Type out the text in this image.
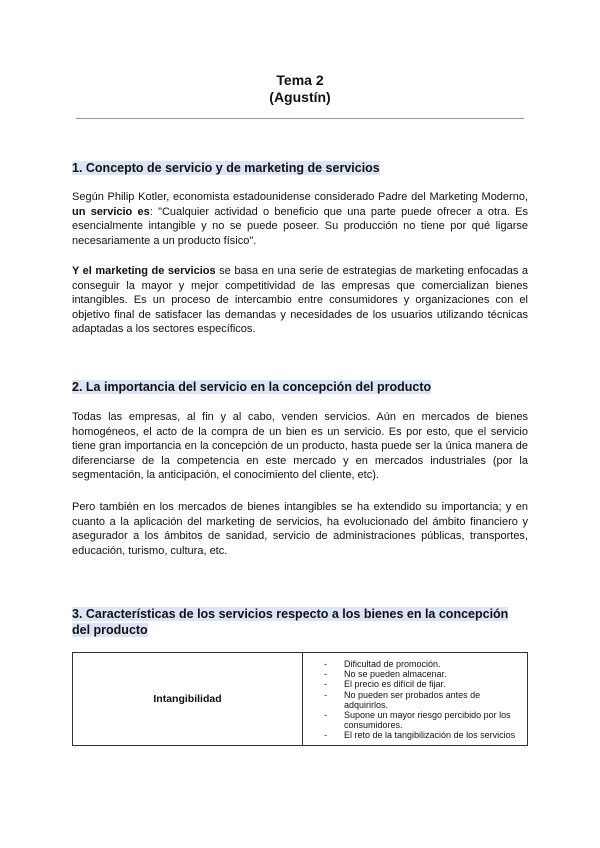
Tema 2
(Agustín)
1. Concepto de servicio y de marketing de servicios

Según Philip Kotler, economista estadounidense considerado Padre del Marketing Moderno, un servicio es: "Cualquier actividad o beneficio que una parte puede ofrecer a otra. Es esencialmente intangible y no se puede poseer. Su producción no tiene por qué ligarse necesariamente a un producto físico".

Y el marketing de servicios se basa en una serie de estrategias de marketing enfocadas a conseguir la mayor y mejor competitividad de las empresas que comercializan bienes intangibles. Es un proceso de intercambio entre consumidores y organizaciones con el objetivo final de satisfacer las demandas y necesidades de los usuarios utilizando técnicas adaptadas a los sectores específicos.

2. La importancia del servicio en la concepción del producto

Todas las empresas, al fin y al cabo, venden servicios. Aún en mercados de bienes homogéneos, el acto de la compra de un bien es un servicio. Es por esto, que el servicio tiene gran importancia en la concepción de un producto, hasta puede ser la única manera de diferenciarse de la competencia en este mercado y en mercados industriales (por la segmentación, la anticipación, el conocimiento del cliente, etc).

Pero también en los mercados de bienes intangibles se ha extendido su importancia; y en cuanto a la aplicación del marketing de servicios, ha evolucionado del ámbito financiero y asegurador a los ámbitos de sanidad, servicio de administraciones públicas, transportes, educación, turismo, cultura, etc.

3. Características de los servicios respecto a los bienes en la concepción del producto
Intangibilidad	
- Dificultad de promoción.
- No se pueden almacenar.
- El precio es difícil de fijar.
- No pueden ser probados antes de adquirirlos.
- Supone un mayor riesgo percibido por los consumidores.
- El reto de la tangibilización de los servicios
